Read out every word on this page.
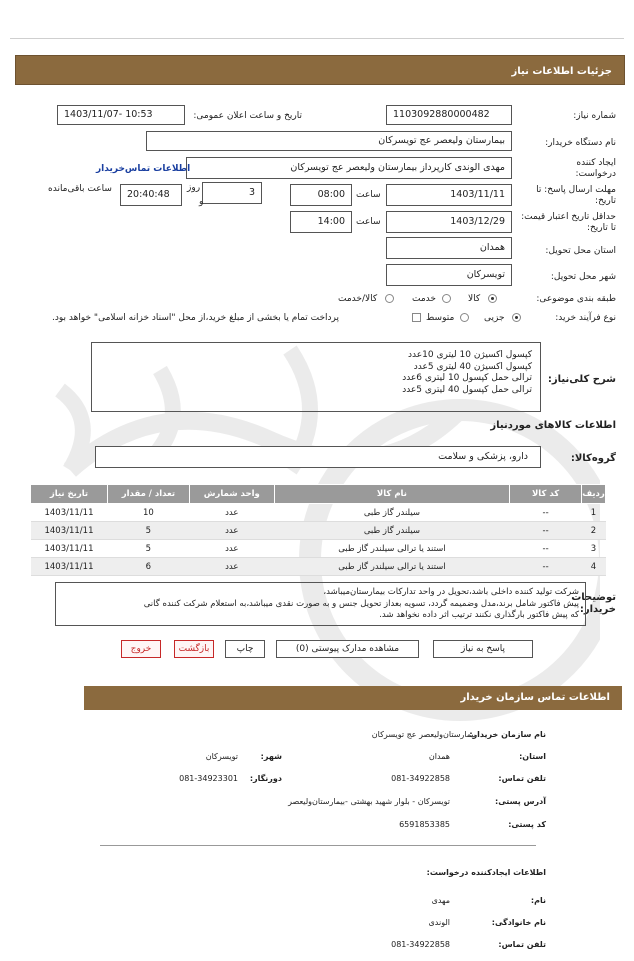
جزئیات اطلاعات نیاز
شماره نیاز:
1103092880000482
تاریخ و ساعت اعلان عمومی:
1403/11/07- 10:53
نام دستگاه خریدار:
بیمارستان ولیعصر عج تویسرکان
ایجاد کننده درخواست:
مهدی الوندی کارپرداز بیمارستان ولیعصر عج تویسرکان
اطلاعات تماس‌خریدار
مهلت ارسال پاسخ: تا تاریخ:
1403/11/11
ساعت
08:00
3
روز
و
20:40:48
ساعت باقی‌مانده
حداقل تاریخ اعتبار قیمت: تا تاریخ:
1403/12/29
ساعت
14:00
استان محل تحویل:
همدان
شهر محل تحویل:
تویسرکان
طبقه بندی موضوعی:
کالا
خدمت
کالا/خدمت
نوع فرآیند خرید:
جزیی
متوسط
پرداخت تمام یا بخشی از مبلغ خرید،از محل "اسناد خزانه اسلامی" خواهد بود.
شرح کلی‌نیاز:
کپسول اکسیژن 10 لیتری 10عدد
کپسول اکسیژن 40 لیتری 5عدد
ترالی حمل کپسول 10 لیتری 6عدد
ترالی حمل کپسول 40 لیتری 5عدد
اطلاعات کالاهای موردنیاز
گروه‌کالا:
دارو، پزشکی و سلامت
ردیف	کد کالا	نام کالا	واحد شمارش	تعداد / مقدار	تاریخ نیاز
1	--	سیلندر گاز طبی	عدد	10	1403/11/11
2	--	سیلندر گاز طبی	عدد	5	1403/11/11
3	--	استند یا ترالی سیلندر گاز طبی	عدد	5	1403/11/11
4	--	استند یا ترالی سیلندر گاز طبی	عدد	6	1403/11/11
توضیحات خریدار:
شرکت تولید کننده داخلی باشد،تحویل در واحد تدارکات بیمارستان‌میباشد،
پیش فاکتور شامل برند،مدل وضمیمه گردد، تسویه بعداز تحویل جنس و به صورت نقدی میباشد،به استعلام شرکت کننده گانی
که پیش فاکتور بارگذاری نکنند ترتیب اثر داده نخواهد شد.
پاسخ به نیاز
مشاهده مدارک پیوستی (0)
چاپ
بازگشت
خروج
اطلاعات تماس سازمان خریدار
نام سازمان خریدار:
بیمارستان‌ولیعصر عج تویسرکان
استان:
همدان
شهر:
تویسرکان
تلفن تماس:
081-34922858
دورنگار:
081-34923301
آدرس پستی:
تویسرکان - بلوار شهید بهشتی -بیمارستان‌ولیعصر
کد پستی:
6591853385
اطلاعات ایجادکننده درخواست:
نام:
مهدی
نام خانوادگی:
الوندی
تلفن تماس:
081-34922858
